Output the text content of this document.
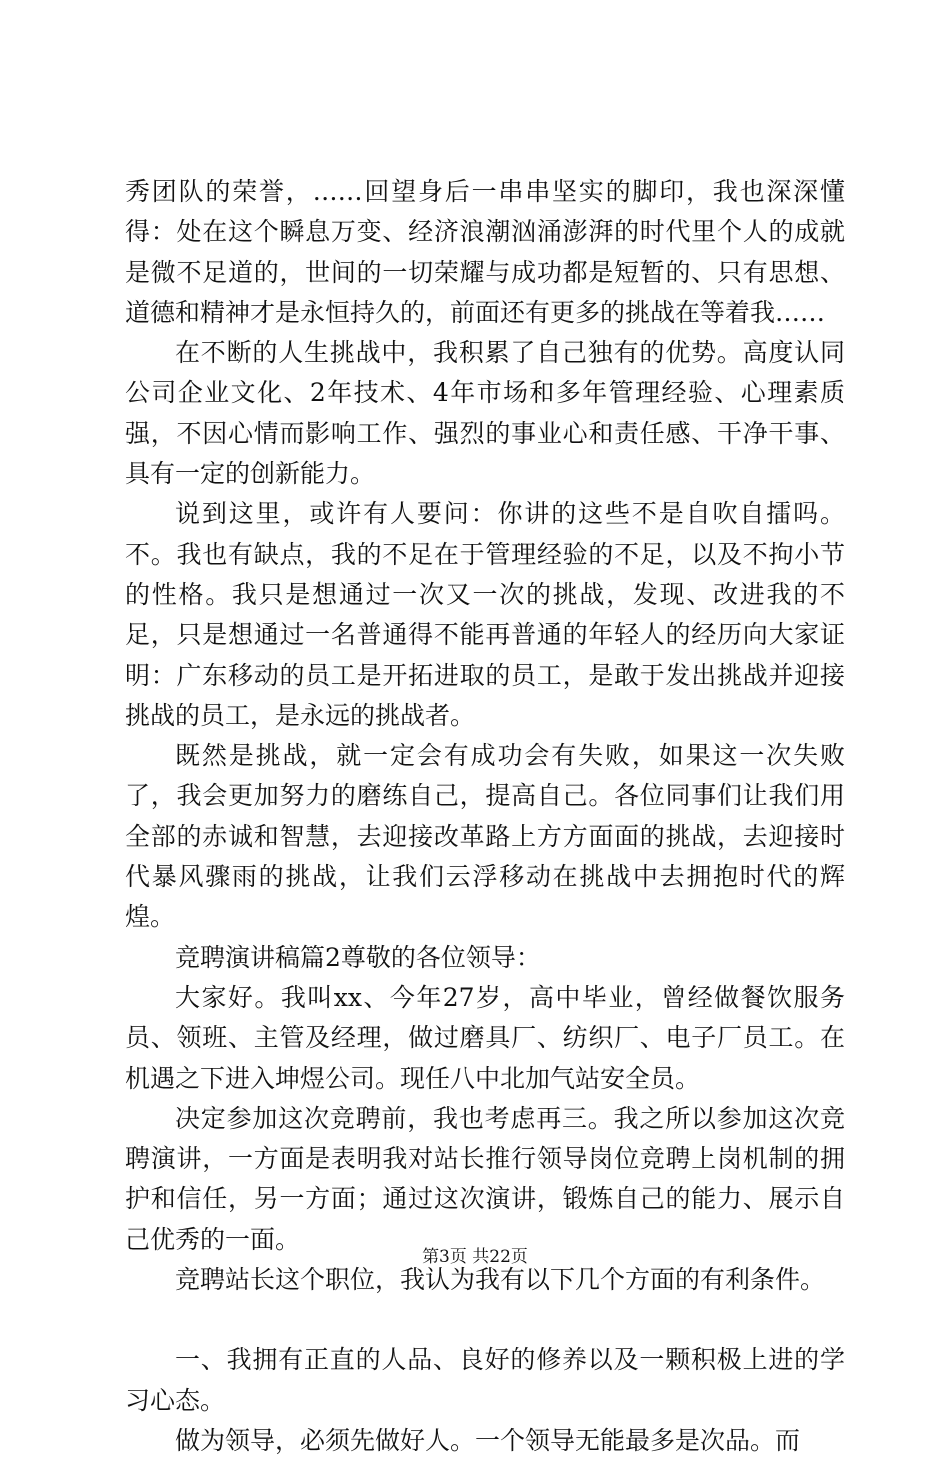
秀团队的荣誉，……回望身后一串串坚实的脚印，我也深深懂得：处在这个瞬息万变、经济浪潮汹涌澎湃的时代里个人的成就是微不足道的，世间的一切荣耀与成功都是短暂的、只有思想、道德和精神才是永恒持久的，前面还有更多的挑战在等着我……

在不断的人生挑战中，我积累了自己独有的优势。高度认同公司企业文化、2年技术、4年市场和多年管理经验、心理素质强，不因心情而影响工作、强烈的事业心和责任感、干净干事、具有一定的创新能力。

说到这里，或许有人要问：你讲的这些不是自吹自擂吗。不。我也有缺点，我的不足在于管理经验的不足，以及不拘小节的性格。我只是想通过一次又一次的挑战，发现、改进我的不足，只是想通过一名普通得不能再普通的年轻人的经历向大家证明：广东移动的员工是开拓进取的员工，是敢于发出挑战并迎接挑战的员工，是永远的挑战者。

既然是挑战，就一定会有成功会有失败，如果这一次失败了，我会更加努力的磨练自己，提高自己。各位同事们让我们用全部的赤诚和智慧，去迎接改革路上方方面面的挑战，去迎接时代暴风骤雨的挑战，让我们云浮移动在挑战中去拥抱时代的辉煌。

竞聘演讲稿篇2尊敬的各位领导：

大家好。我叫xx、今年27岁，高中毕业，曾经做餐饮服务员、领班、主管及经理，做过磨具厂、纺织厂、电子厂员工。在机遇之下进入坤煜公司。现任八中北加气站安全员。

决定参加这次竞聘前，我也考虑再三。我之所以参加这次竞聘演讲，一方面是表明我对站长推行领导岗位竞聘上岗机制的拥护和信任，另一方面；通过这次演讲，锻炼自己的能力、展示自己优秀的一面。

竞聘站长这个职位，我认为我有以下几个方面的有利条件。

一、我拥有正直的人品、良好的修养以及一颗积极上进的学习心态。

做为领导，必须先做好人。一个领导无能最多是次品。而

第3页 共22页
